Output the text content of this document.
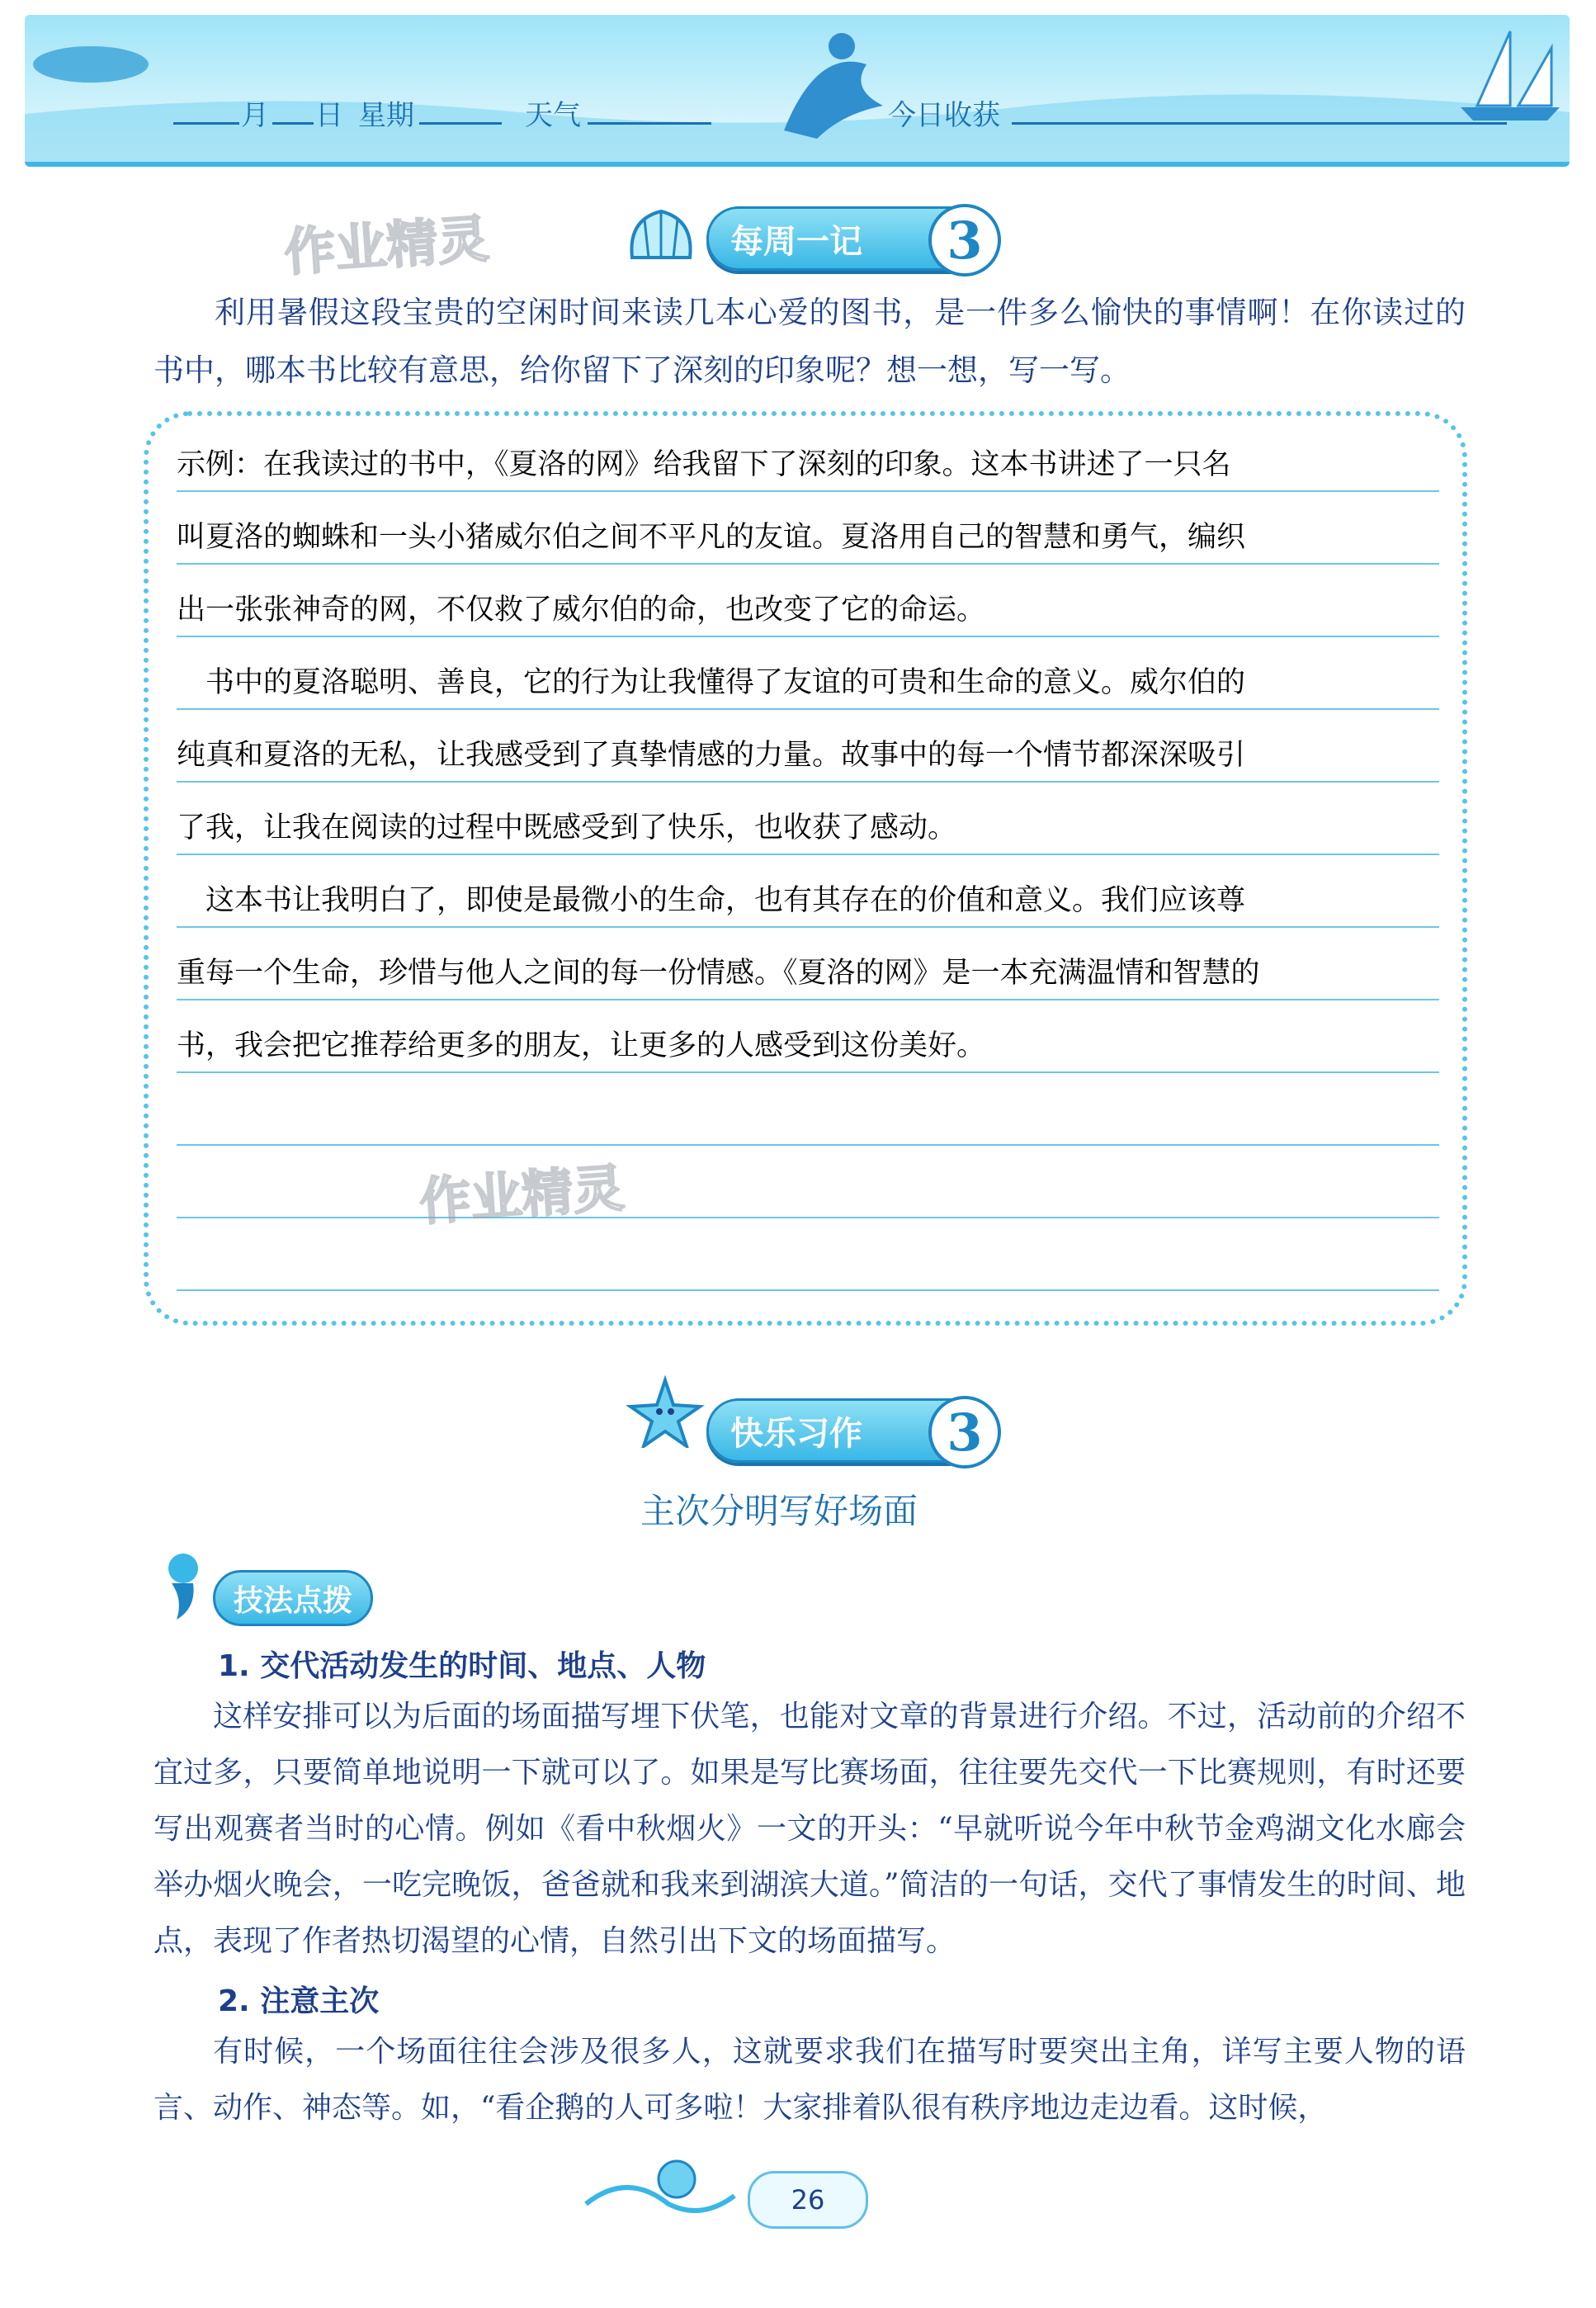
月 日 星期	天气	今日收获
作业精灵	每周一记	3
利用暑假这段宝贵的空闲时间来读几本心爱的图书，是一件多么愉快的事情啊！在你读过的书中，哪本书比较有意思，给你留下了深刻的印象呢？想一想，写一写。
示例：在我读过的书中，《夏洛的网》给我留下了深刻的印象。这本书讲述了一只名
叫夏洛的蜘蛛和一头小猪威尔伯之间不平凡的友谊。夏洛用自己的智慧和勇气，编织
出一张张神奇的网，不仅救了威尔伯的命，也改变了它的命运。
　书中的夏洛聪明、善良，它的行为让我懂得了友谊的可贵和生命的意义。威尔伯的
纯真和夏洛的无私，让我感受到了真挚情感的力量。故事中的每一个情节都深深吸引
了我，让我在阅读的过程中既感受到了快乐，也收获了感动。
　这本书让我明白了，即使是最微小的生命，也有其存在的价值和意义。我们应该尊
重每一个生命，珍惜与他人之间的每一份情感。《夏洛的网》是一本充满温情和智慧的
书，我会把它推荐给更多的朋友，让更多的人感受到这份美好。
作业精灵
快乐习作	3
主次分明写好场面
技法点拨
1. 交代活动发生的时间、地点、人物
这样安排可以为后面的场面描写埋下伏笔，也能对文章的背景进行介绍。不过，活动前的介绍不宜过多，只要简单地说明一下就可以了。如果是写比赛场面，往往要先交代一下比赛规则，有时还要写出观赛者当时的心情。例如《看中秋烟火》一文的开头：“早就听说今年中秋节金鸡湖文化水廊会举办烟火晚会，一吃完晚饭，爸爸就和我来到湖滨大道。”简洁的一句话，交代了事情发生的时间、地点，表现了作者热切渴望的心情，自然引出下文的场面描写。
2. 注意主次
有时候，一个场面往往会涉及很多人，这就要求我们在描写时要突出主角，详写主要人物的语言、动作、神态等。如，“看企鹅的人可多啦！大家排着队很有秩序地边走边看。这时候，
26
